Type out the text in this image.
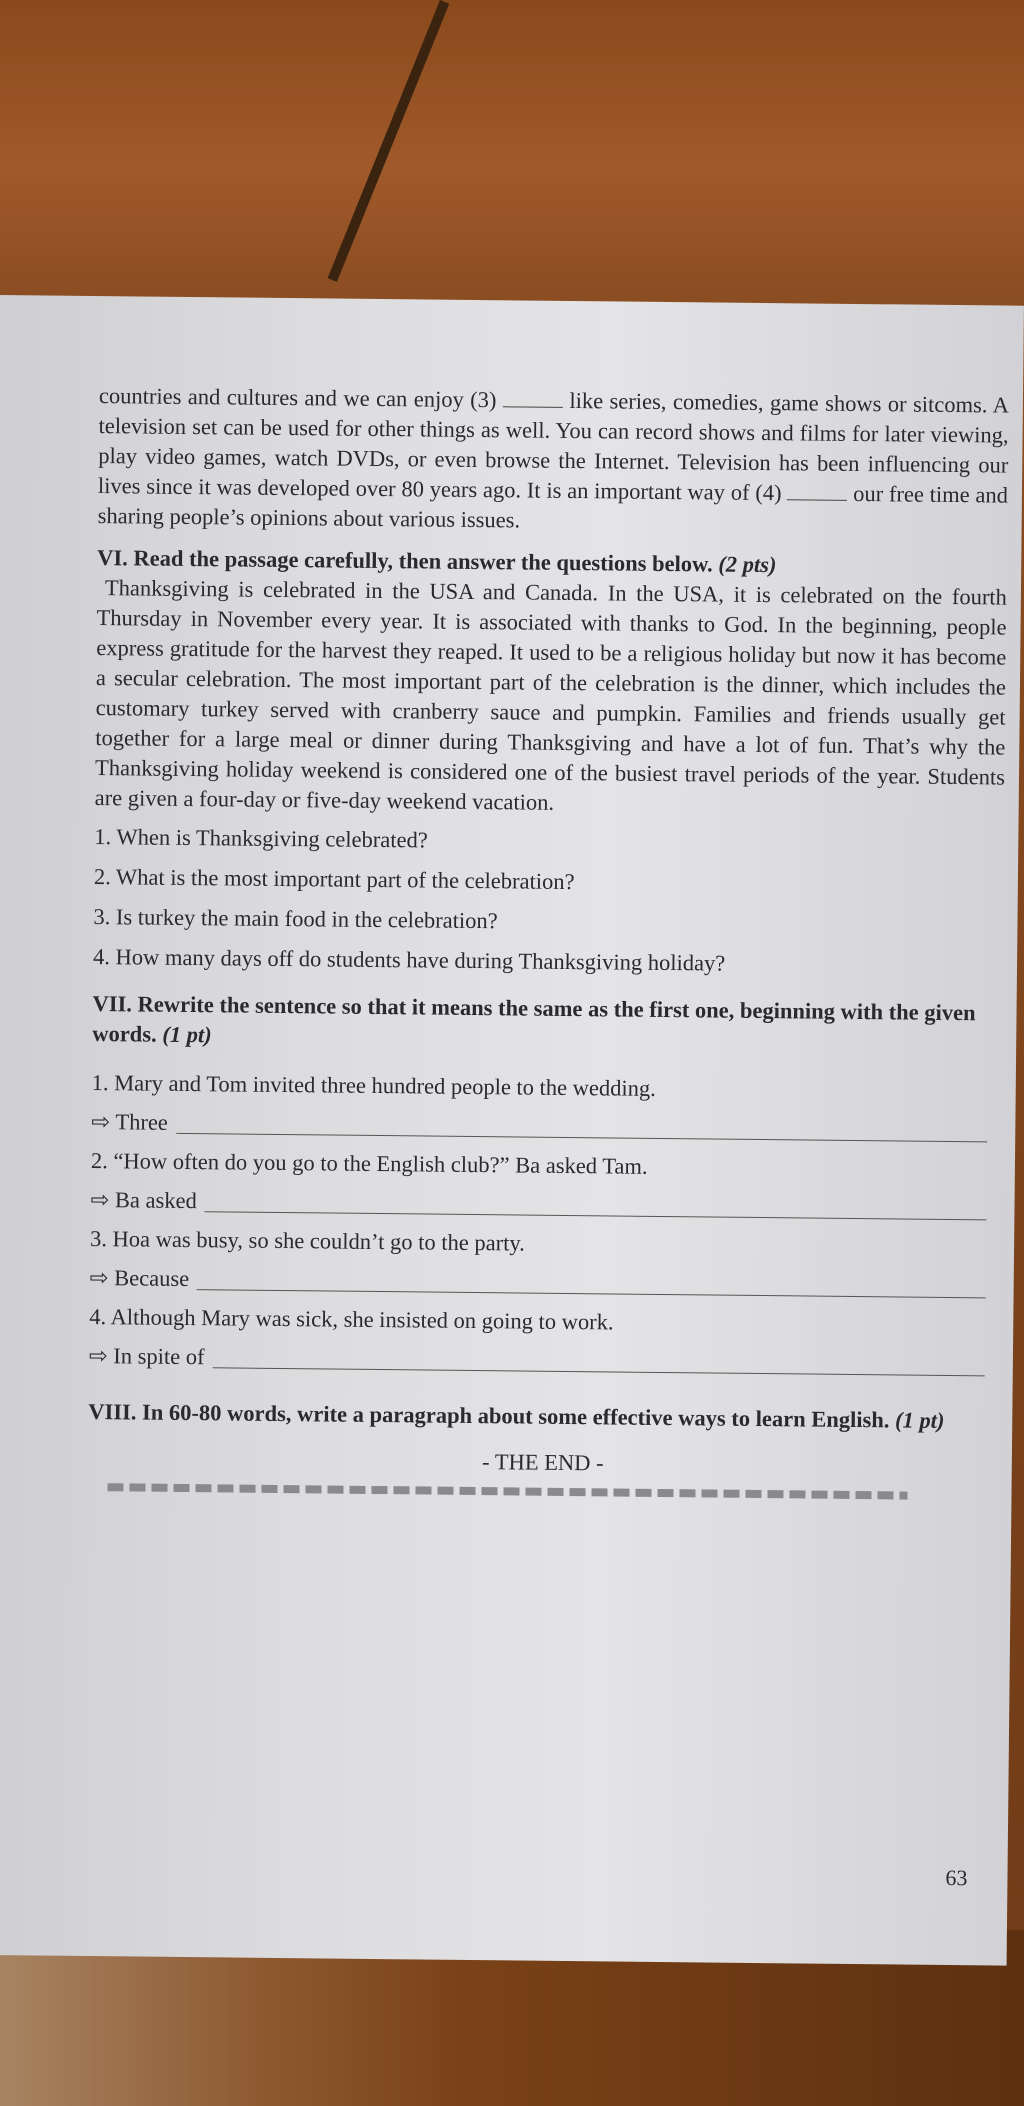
countries and cultures and we can enjoy (3)	like series, comedies, game shows or sitcoms. A television set can be used for other things as well. You can record shows and films for later viewing, play video games, watch DVDs, or even browse the Internet. Television has been influencing our lives since it was developed over 80 years ago. It is an important way of (4)	our free time and sharing people’s opinions about various issues.

VI. Read the passage carefully, then answer the questions below. (2 pts)

Thanksgiving is celebrated in the USA and Canada. In the USA, it is celebrated on the fourth Thursday in November every year. It is associated with thanks to God. In the beginning, people express gratitude for the harvest they reaped. It used to be a religious holiday but now it has become a secular celebration. The most important part of the celebration is the dinner, which includes the customary turkey served with cranberry sauce and pumpkin. Families and friends usually get together for a large meal or dinner during Thanksgiving and have a lot of fun. That’s why the Thanksgiving holiday weekend is considered one of the busiest travel periods of the year. Students are given a four-day or five-day weekend vacation.

1. When is Thanksgiving celebrated?

2. What is the most important part of the celebration?

3. Is turkey the main food in the celebration?

4. How many days off do students have during Thanksgiving holiday?

VII. Rewrite the sentence so that it means the same as the first one, beginning with the given words. (1 pt)

1. Mary and Tom invited three hundred people to the wedding.

⇨ Three

2. “How often do you go to the English club?” Ba asked Tam.

⇨ Ba asked

3. Hoa was busy, so she couldn’t go to the party.

⇨ Because

4. Although Mary was sick, she insisted on going to work.

⇨ In spite of

VIII. In 60-80 words, write a paragraph about some effective ways to learn English. (1 pt)

- THE END -

63
